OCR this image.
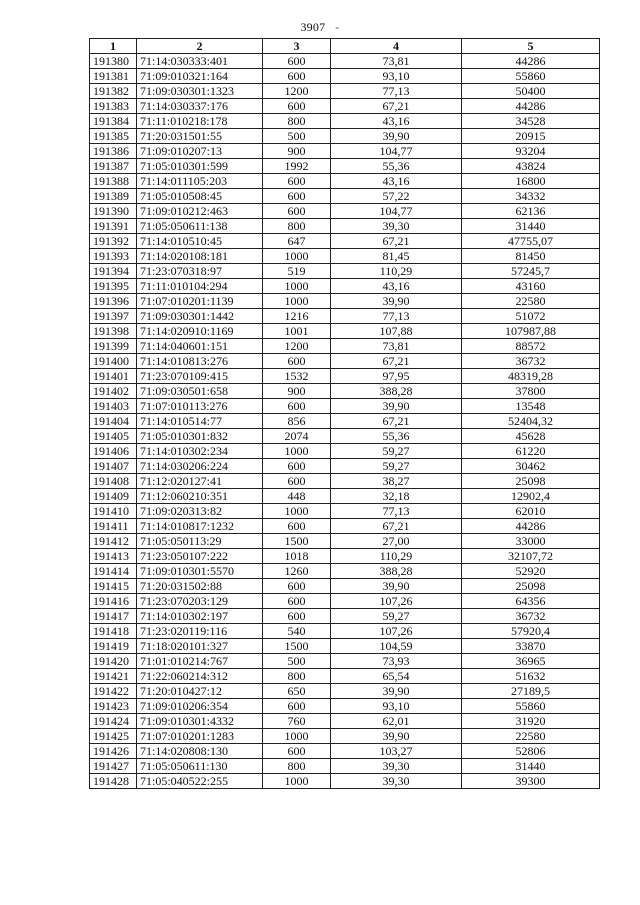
3907 -
1	2	3	4	5
191380	71:14:030333:401	600	73,81	44286
191381	71:09:010321:164	600	93,10	55860
191382	71:09:030301:1323	1200	77,13	50400
191383	71:14:030337:176	600	67,21	44286
191384	71:11:010218:178	800	43,16	34528
191385	71:20:031501:55	500	39,90	20915
191386	71:09:010207:13	900	104,77	93204
191387	71:05:010301:599	1992	55,36	43824
191388	71:14:011105:203	600	43,16	16800
191389	71:05:010508:45	600	57,22	34332
191390	71:09:010212:463	600	104,77	62136
191391	71:05:050611:138	800	39,30	31440
191392	71:14:010510:45	647	67,21	47755,07
191393	71:14:020108:181	1000	81,45	81450
191394	71:23:070318:97	519	110,29	57245,7
191395	71:11:010104:294	1000	43,16	43160
191396	71:07:010201:1139	1000	39,90	22580
191397	71:09:030301:1442	1216	77,13	51072
191398	71:14:020910:1169	1001	107,88	107987,88
191399	71:14:040601:151	1200	73,81	88572
191400	71:14:010813:276	600	67,21	36732
191401	71:23:070109:415	1532	97,95	48319,28
191402	71:09:030501:658	900	388,28	37800
191403	71:07:010113:276	600	39,90	13548
191404	71:14:010514:77	856	67,21	52404,32
191405	71:05:010301:832	2074	55,36	45628
191406	71:14:010302:234	1000	59,27	61220
191407	71:14:030206:224	600	59,27	30462
191408	71:12:020127:41	600	38,27	25098
191409	71:12:060210:351	448	32,18	12902,4
191410	71:09:020313:82	1000	77,13	62010
191411	71:14:010817:1232	600	67,21	44286
191412	71:05:050113:29	1500	27,00	33000
191413	71:23:050107:222	1018	110,29	32107,72
191414	71:09:010301:5570	1260	388,28	52920
191415	71:20:031502:88	600	39,90	25098
191416	71:23:070203:129	600	107,26	64356
191417	71:14:010302:197	600	59,27	36732
191418	71:23:020119:116	540	107,26	57920,4
191419	71:18:020101:327	1500	104,59	33870
191420	71:01:010214:767	500	73,93	36965
191421	71:22:060214:312	800	65,54	51632
191422	71:20:010427:12	650	39,90	27189,5
191423	71:09:010206:354	600	93,10	55860
191424	71:09:010301:4332	760	62,01	31920
191425	71:07:010201:1283	1000	39,90	22580
191426	71:14:020808:130	600	103,27	52806
191427	71:05:050611:130	800	39,30	31440
191428	71:05:040522:255	1000	39,30	39300
